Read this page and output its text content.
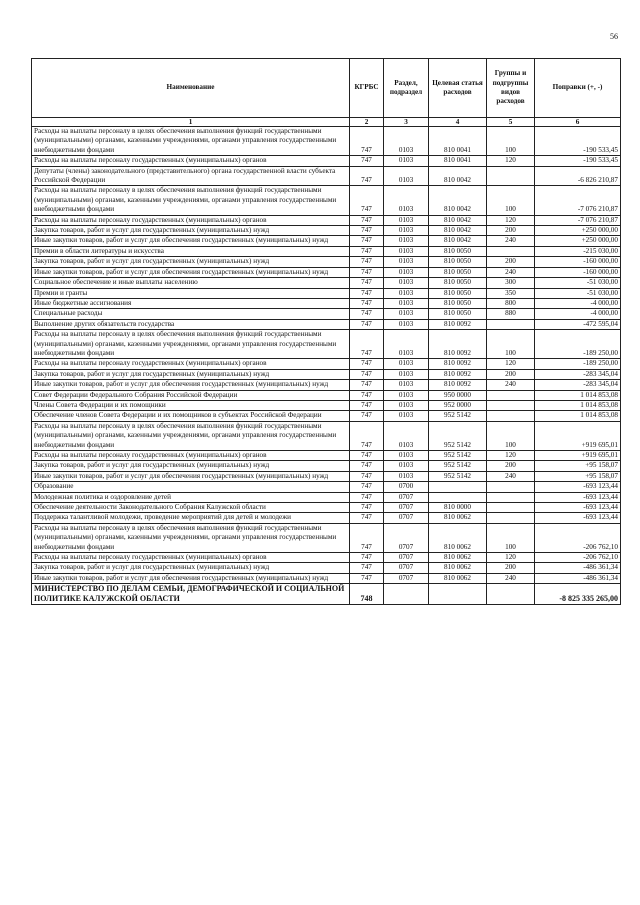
56
Наименование	КГРБС	Раздел, подраздел	Целевая статья расходов	Группы и подгруппы видов расходов	Поправки (+, -)
1	2	3	4	5	6
Расходы на выплаты персоналу в целях обеспечения выполнения функций государственными (муниципальными) органами, казенными учреждениями, органами управления государственными внебюджетными фондами	747	0103	810 0041	100	-190 533,45
Расходы на выплаты персоналу государственных (муниципальных) органов	747	0103	810 0041	120	-190 533,45
Депутаты (члены) законодательного (представительного) органа государственной власти субъекта Российской Федерации	747	0103	810 0042		-6 826 210,87
Расходы на выплаты персоналу в целях обеспечения выполнения функций государственными (муниципальными) органами, казенными учреждениями, органами управления государственными внебюджетными фондами	747	0103	810 0042	100	-7 076 210,87
Расходы на выплаты персоналу государственных (муниципальных) органов	747	0103	810 0042	120	-7 076 210,87
Закупка товаров, работ и услуг для государственных (муниципальных) нужд	747	0103	810 0042	200	+250 000,00
Иные закупки товаров, работ и услуг для обеспечения государственных (муниципальных) нужд	747	0103	810 0042	240	+250 000,00
Премии в области литературы и искусства	747	0103	810 0050		-215 030,00
Закупка товаров, работ и услуг для государственных (муниципальных) нужд	747	0103	810 0050	200	-160 000,00
Иные закупки товаров, работ и услуг для обеспечения государственных (муниципальных) нужд	747	0103	810 0050	240	-160 000,00
Социальное обеспечение и иные выплаты населению	747	0103	810 0050	300	-51 030,00
Премии и гранты	747	0103	810 0050	350	-51 030,00
Иные бюджетные ассигнования	747	0103	810 0050	800	-4 000,00
Специальные расходы	747	0103	810 0050	880	-4 000,00
Выполнение других обязательств государства	747	0103	810 0092		-472 595,04
Расходы на выплаты персоналу в целях обеспечения выполнения функций государственными (муниципальными) органами, казенными учреждениями, органами управления государственными внебюджетными фондами	747	0103	810 0092	100	-189 250,00
Расходы на выплаты персоналу государственных (муниципальных) органов	747	0103	810 0092	120	-189 250,00
Закупка товаров, работ и услуг для государственных (муниципальных) нужд	747	0103	810 0092	200	-283 345,04
Иные закупки товаров, работ и услуг для обеспечения государственных (муниципальных) нужд	747	0103	810 0092	240	-283 345,04
Совет Федерации Федерального Собрания Российской Федерации	747	0103	950 0000		1 014 853,08
Члены Совета Федерации и их помощники	747	0103	952 0000		1 014 853,08
Обеспечение членов Совета Федерации и их помощников в субъектах Российской Федерации	747	0103	952 5142		1 014 853,08
Расходы на выплаты персоналу в целях обеспечения выполнения функций государственными (муниципальными) органами, казенными учреждениями, органами управления государственными внебюджетными фондами	747	0103	952 5142	100	+919 695,01
Расходы на выплаты персоналу государственных (муниципальных) органов	747	0103	952 5142	120	+919 695,01
Закупка товаров, работ и услуг для государственных (муниципальных) нужд	747	0103	952 5142	200	+95 158,07
Иные закупки товаров, работ и услуг для обеспечения государственных (муниципальных) нужд	747	0103	952 5142	240	+95 158,07
Образование	747	0700			-693 123,44
Молодежная политика и оздоровление детей	747	0707			-693 123,44
Обеспечение деятельности Законодательного Собрания Калужской области	747	0707	810 0000		-693 123,44
Поддержка талантливой молодежи, проведение мероприятий для детей и молодежи	747	0707	810 0062		-693 123,44
Расходы на выплаты персоналу в целях обеспечения выполнения функций государственными (муниципальными) органами, казенными учреждениями, органами управления государственными внебюджетными фондами	747	0707	810 0062	100	-206 762,10
Расходы на выплаты персоналу государственных (муниципальных) органов	747	0707	810 0062	120	-206 762,10
Закупка товаров, работ и услуг для государственных (муниципальных) нужд	747	0707	810 0062	200	-486 361,34
Иные закупки товаров, работ и услуг для обеспечения государственных (муниципальных) нужд	747	0707	810 0062	240	-486 361,34
МИНИСТЕРСТВО ПО ДЕЛАМ СЕМЬИ, ДЕМОГРАФИЧЕСКОЙ И СОЦИАЛЬНОЙ ПОЛИТИКЕ КАЛУЖСКОЙ ОБЛАСТИ	748				-8 825 335 265,00
